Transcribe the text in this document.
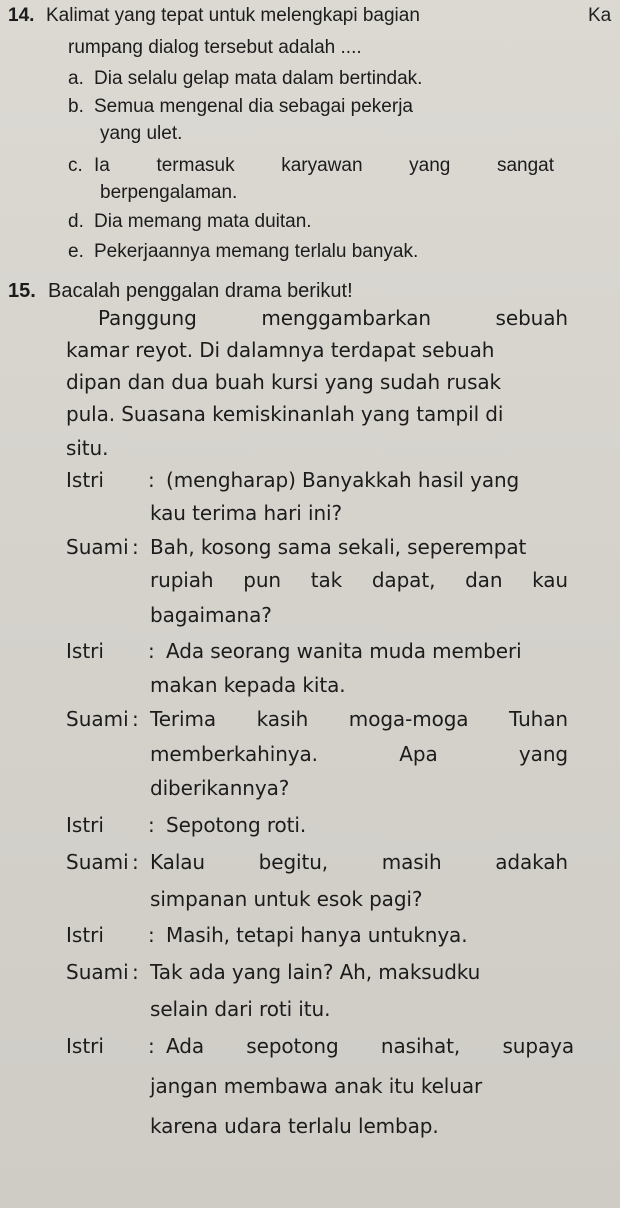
Ka
14. Kalimat yang tepat untuk melengkapi bagian
rumpang dialog tersebut adalah ....
a. Dia selalu gelap mata dalam bertindak.
b. Semua mengenal dia sebagai pekerja
yang ulet.
c. Ia termasuk karyawan yang sangat
berpengalaman.
d. Dia memang mata duitan.
e. Pekerjaannya memang terlalu banyak.
15. Bacalah penggalan drama berikut!
Panggung menggambarkan sebuah
kamar reyot. Di dalamnya terdapat sebuah
dipan dan dua buah kursi yang sudah rusak
pula. Suasana kemiskinanlah yang tampil di
situ.
Istri : (mengharap) Banyakkah hasil yang
kau terima hari ini?
Suami : Bah, kosong sama sekali, seperempat
rupiah pun tak dapat, dan kau
bagaimana?
Istri : Ada seorang wanita muda memberi
makan kepada kita.
Suami : Terima kasih moga-moga Tuhan
memberkahinya. Apa yang
diberikannya?
Istri : Sepotong roti.
Suami : Kalau begitu, masih adakah
simpanan untuk esok pagi?
Istri : Masih, tetapi hanya untuknya.
Suami : Tak ada yang lain? Ah, maksudku
selain dari roti itu.
Istri : Ada sepotong nasihat, supaya
jangan membawa anak itu keluar
karena udara terlalu lembap.
